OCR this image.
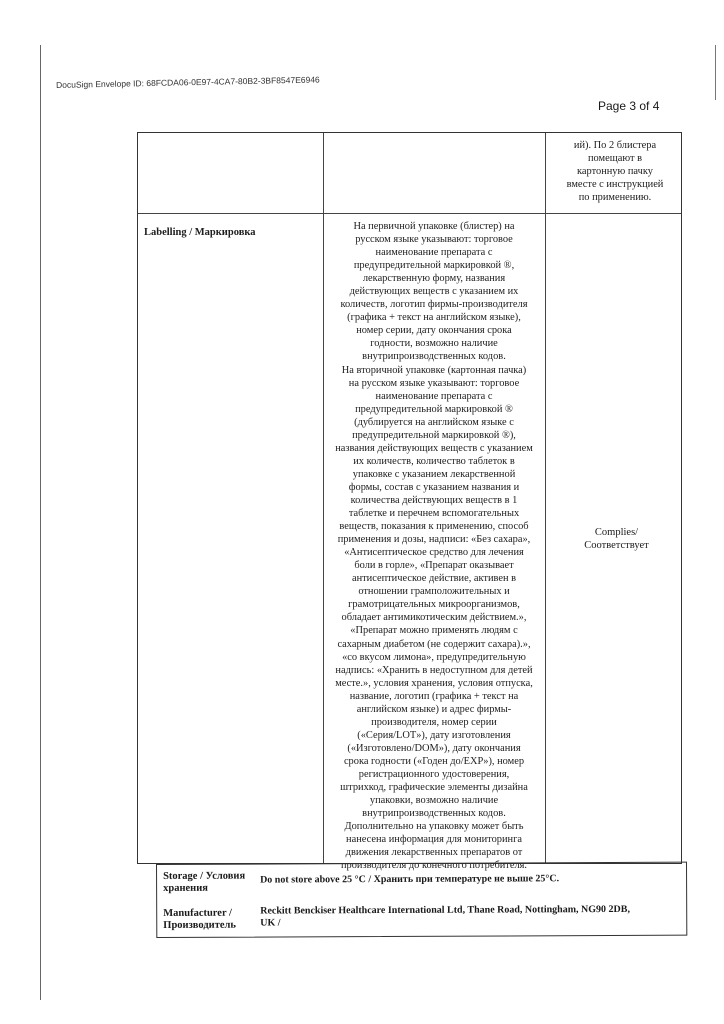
DocuSign Envelope ID: 68FCDA06-0E97-4CA7-80B2-3BF8547E6946
Page 3 of 4
ий). По 2 блистера
помещают в
картонную пачку
вместе с инструкцией
по применению.
Labelling / Маркировка
На первичной упаковке (блистер) на
русском языке указывают: торговое
наименование препарата с
предупредительной маркировкой ®,
лекарственную форму, названия
действующих веществ с указанием их
количеств, логотип фирмы-производителя
(графика + текст на английском языке),
номер серии, дату окончания срока
годности, возможно наличие
внутрипроизводственных кодов.
На вторичной упаковке (картонная пачка)
на русском языке указывают: торговое
наименование препарата с
предупредительной маркировкой ®
(дублируется на английском языке с
предупредительной маркировкой ®),
названия действующих веществ с указанием
их количеств, количество таблеток в
упаковке с указанием лекарственной
формы, состав с указанием названия и
количества действующих веществ в 1
таблетке и перечнем вспомогательных
веществ, показания к применению, способ
применения и дозы, надписи: «Без сахара»,
«Антисептическое средство для лечения
боли в горле», «Препарат оказывает
антисептическое действие, активен в
отношении грамположительных и
грамотрицательных микроорганизмов,
обладает антимикотическим действием.»,
«Препарат можно применять людям с
сахарным диабетом (не содержит сахара).»,
«со вкусом лимона», предупредительную
надпись: «Хранить в недоступном для детей
месте.», условия хранения, условия отпуска,
название, логотип (графика + текст на
английском языке) и адрес фирмы-
производителя, номер серии
(«Серия/LOT»), дату изготовления
(«Изготовлено/DOM»), дату окончания
срока годности («Годен до/EXP»), номер
регистрационного удостоверения,
штрихкод, графические элементы дизайна
упаковки, возможно наличие
внутрипроизводственных кодов.
Дополнительно на упаковку может быть
нанесена информация для мониторинга
движения лекарственных препаратов от
производителя до конечного потребителя.
Complies/
Соответствует
Storage / Условия
хранения
Do not store above 25 °C / Хранить при температуре не выше 25°C.
Manufacturer /
Производитель
Reckitt Benckiser Healthcare International Ltd, Thane Road, Nottingham, NG90 2DB,
UK /
